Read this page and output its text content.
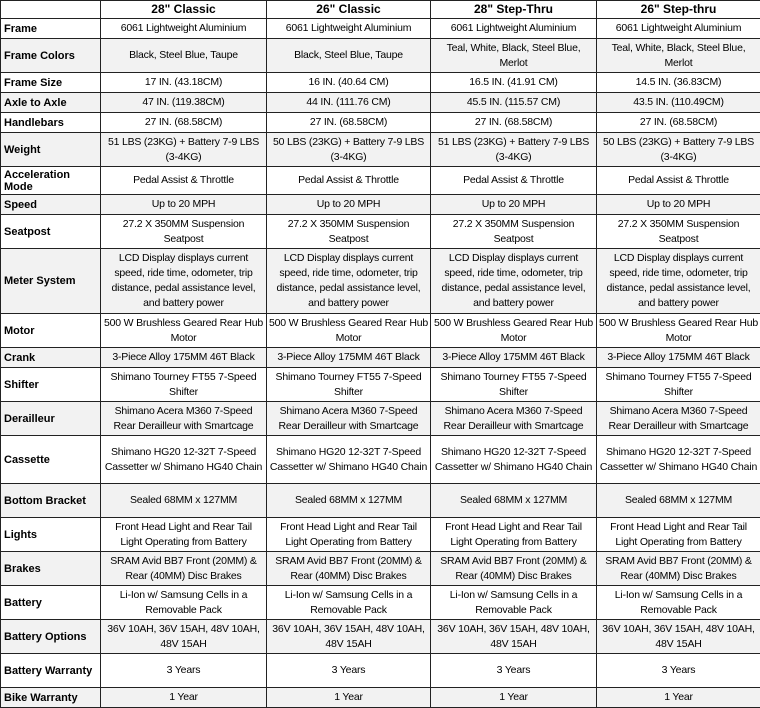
	28" Classic	26" Classic	28" Step-Thru	26" Step-thru
Frame	6061 Lightweight Aluminium	6061 Lightweight Aluminium	6061 Lightweight Aluminium	6061 Lightweight Aluminium
Frame Colors	Black, Steel Blue, Taupe	Black, Steel Blue, Taupe	Teal, White, Black, Steel Blue, Merlot	Teal, White, Black, Steel Blue, Merlot
Frame Size	17 IN. (43.18CM)	16 IN. (40.64 CM)	16.5 IN. (41.91 CM)	14.5 IN. (36.83CM)
Axle to Axle	47 IN. (119.38CM)	44 IN. (111.76 CM)	45.5 IN. (115.57 CM)	43.5 IN. (110.49CM)
Handlebars	27 IN. (68.58CM)	27 IN. (68.58CM)	27 IN. (68.58CM)	27 IN. (68.58CM)
Weight	51 LBS (23KG) + Battery 7-9 LBS (3-4KG)	50 LBS (23KG) + Battery 7-9 LBS (3-4KG)	51 LBS (23KG) + Battery 7-9 LBS (3-4KG)	50 LBS (23KG) + Battery 7-9 LBS (3-4KG)
Acceleration Mode	Pedal Assist & Throttle	Pedal Assist & Throttle	Pedal Assist & Throttle	Pedal Assist & Throttle
Speed	Up to 20 MPH	Up to 20 MPH	Up to 20 MPH	Up to 20 MPH
Seatpost	27.2 X 350MM Suspension Seatpost	27.2 X 350MM Suspension Seatpost	27.2 X 350MM Suspension Seatpost	27.2 X 350MM Suspension Seatpost
Meter System	LCD Display displays current speed, ride time, odometer, trip distance, pedal assistance level, and battery power	LCD Display displays current speed, ride time, odometer, trip distance, pedal assistance level, and battery power	LCD Display displays current speed, ride time, odometer, trip distance, pedal assistance level, and battery power	LCD Display displays current speed, ride time, odometer, trip distance, pedal assistance level, and battery power
Motor	500 W Brushless Geared Rear Hub Motor	500 W Brushless Geared Rear Hub Motor	500 W Brushless Geared Rear Hub Motor	500 W Brushless Geared Rear Hub Motor
Crank	3-Piece Alloy 175MM 46T Black	3-Piece Alloy 175MM 46T Black	3-Piece Alloy 175MM 46T Black	3-Piece Alloy 175MM 46T Black
Shifter	Shimano Tourney FT55 7-Speed Shifter	Shimano Tourney FT55 7-Speed Shifter	Shimano Tourney FT55 7-Speed Shifter	Shimano Tourney FT55 7-Speed Shifter
Derailleur	Shimano Acera M360 7-Speed Rear Derailleur with Smartcage	Shimano Acera M360 7-Speed Rear Derailleur with Smartcage	Shimano Acera M360 7-Speed Rear Derailleur with Smartcage	Shimano Acera M360 7-Speed Rear Derailleur with Smartcage
Cassette	Shimano HG20 12-32T 7-Speed Cassetter w/ Shimano HG40 Chain	Shimano HG20 12-32T 7-Speed Cassetter w/ Shimano HG40 Chain	Shimano HG20 12-32T 7-Speed Cassetter w/ Shimano HG40 Chain	Shimano HG20 12-32T 7-Speed Cassetter w/ Shimano HG40 Chain
Bottom Bracket	Sealed 68MM x 127MM	Sealed 68MM x 127MM	Sealed 68MM x 127MM	Sealed 68MM x 127MM
Lights	Front Head Light and Rear Tail Light Operating from Battery	Front Head Light and Rear Tail Light Operating from Battery	Front Head Light and Rear Tail Light Operating from Battery	Front Head Light and Rear Tail Light Operating from Battery
Brakes	SRAM Avid BB7 Front (20MM) & Rear (40MM) Disc Brakes	SRAM Avid BB7 Front (20MM) & Rear (40MM) Disc Brakes	SRAM Avid BB7 Front (20MM) & Rear (40MM) Disc Brakes	SRAM Avid BB7 Front (20MM) & Rear (40MM) Disc Brakes
Battery	Li-Ion w/ Samsung Cells in a Removable Pack	Li-Ion w/ Samsung Cells in a Removable Pack	Li-Ion w/ Samsung Cells in a Removable Pack	Li-Ion w/ Samsung Cells in a Removable Pack
Battery Options	36V 10AH, 36V 15AH, 48V 10AH, 48V 15AH	36V 10AH, 36V 15AH, 48V 10AH, 48V 15AH	36V 10AH, 36V 15AH, 48V 10AH, 48V 15AH	36V 10AH, 36V 15AH, 48V 10AH, 48V 15AH
Battery Warranty	3 Years	3 Years	3 Years	3 Years
Bike Warranty	1 Year	1 Year	1 Year	1 Year
